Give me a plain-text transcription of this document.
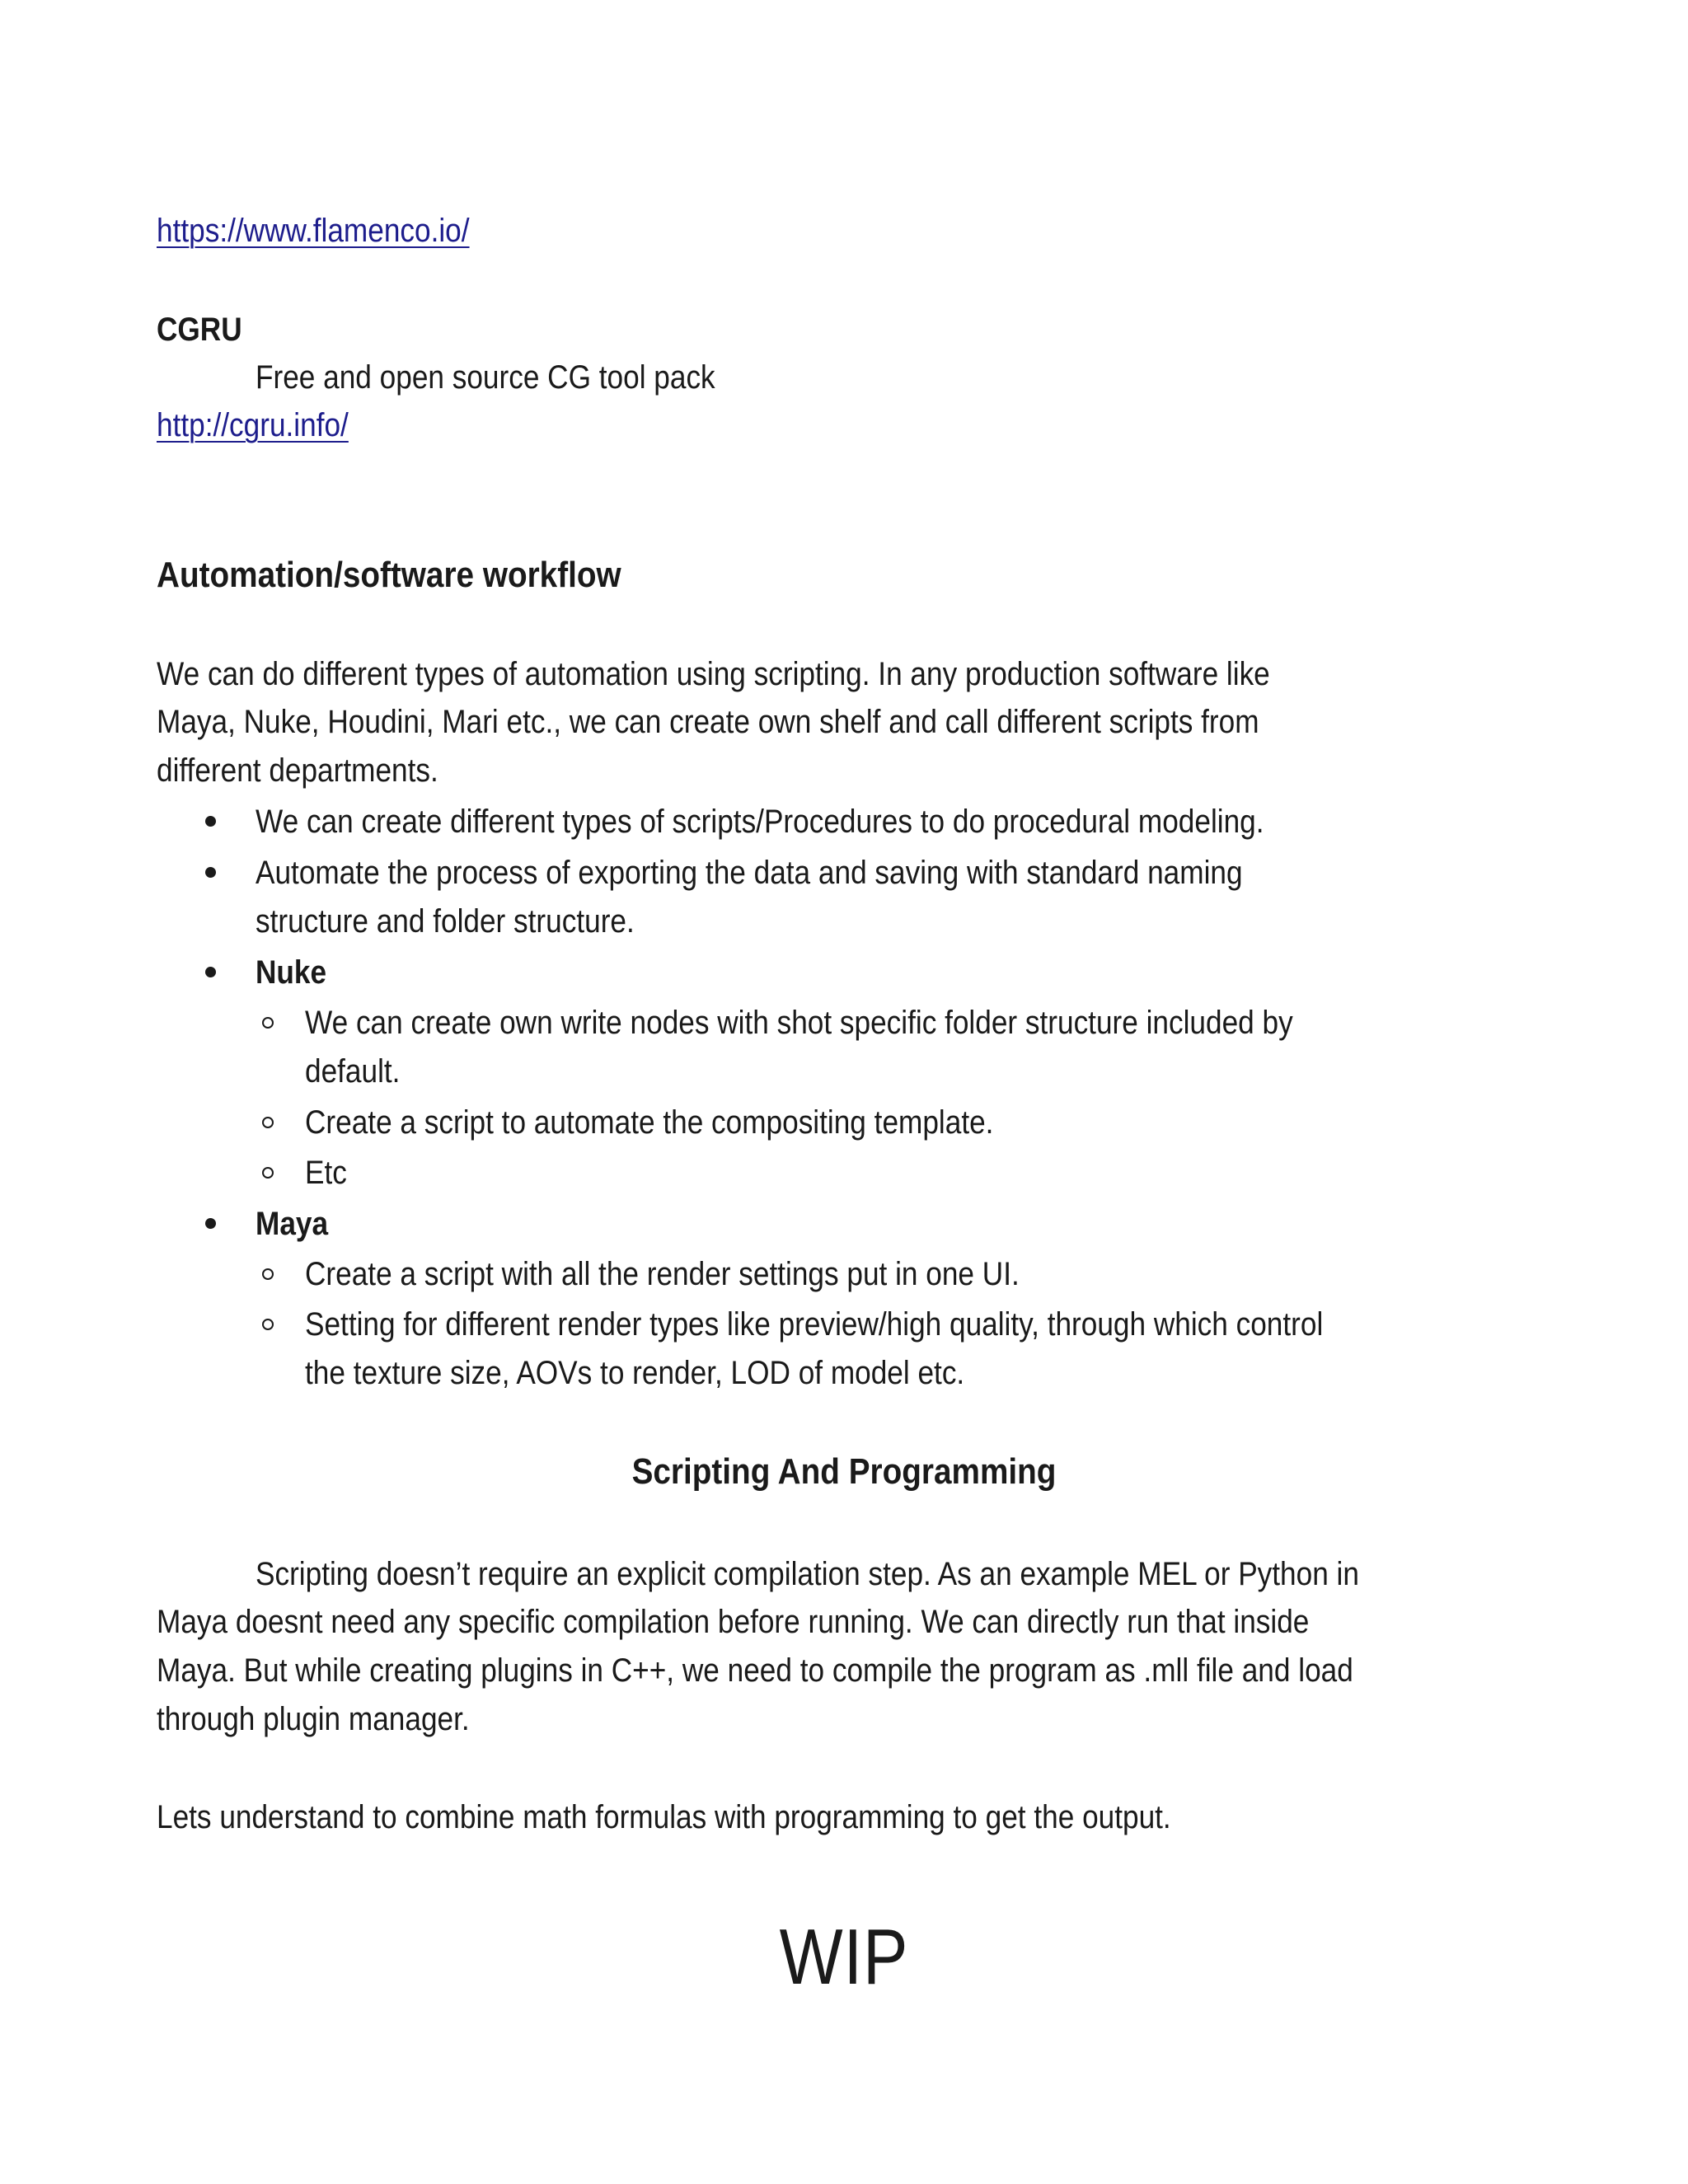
https://www.flamenco.io/
CGRU
Free and open source CG tool pack
http://cgru.info/
Automation/software workflow
We can do different types of automation using scripting. In any production software like
Maya, Nuke, Houdini, Mari etc., we can create own shelf and call different scripts from
different departments.
We can create different types of scripts/Procedures to do procedural modeling.
Automate the process of exporting the data and saving with standard naming
structure and folder structure.
Nuke
We can create own write nodes with shot specific folder structure included by
default.
Create a script to automate the compositing template.
Etc
Maya
Create a script with all the render settings put in one UI.
Setting for different render types like preview/high quality, through which control
the texture size, AOVs to render, LOD of model etc.
Scripting And Programming
Scripting doesn’t require an explicit compilation step. As an example MEL or Python in
Maya doesnt need any specific compilation before running. We can directly run that inside
Maya. But while creating plugins in C++, we need to compile the program as .mll file and load
through plugin manager.
Lets understand to combine math formulas with programming to get the output.
WIP
